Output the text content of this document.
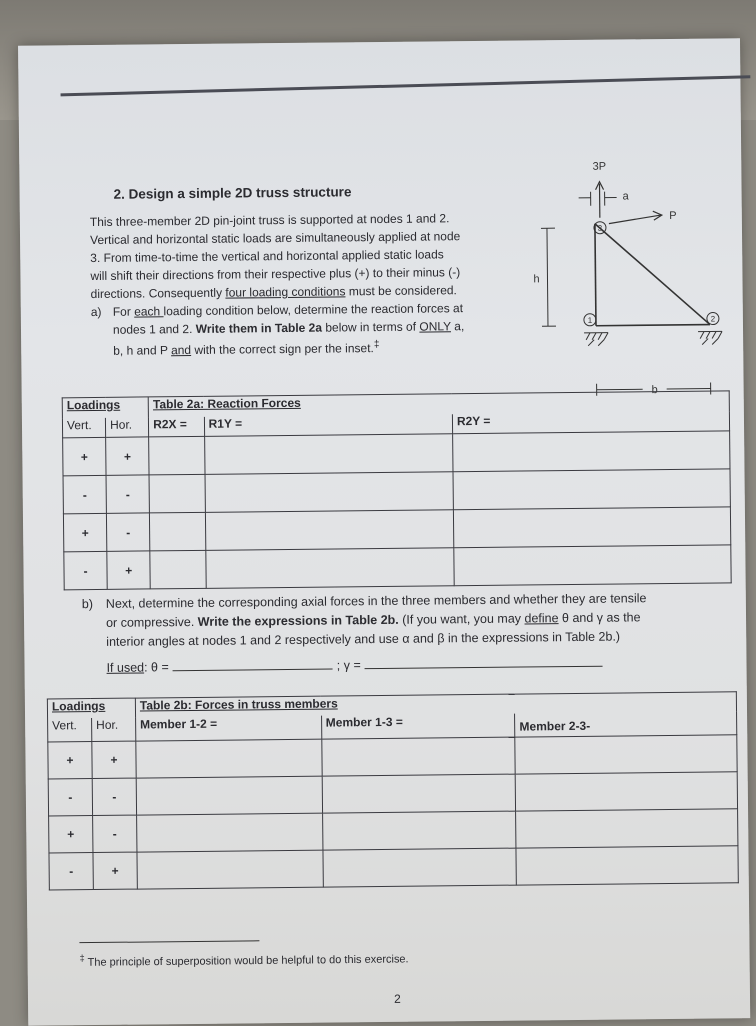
2. Design a simple 2D truss structure

This three-member 2D pin-joint truss is supported at nodes 1 and 2.

Vertical and horizontal static loads are simultaneously applied at node

3. From time-to-time the vertical and horizontal applied static loads

will shift their directions from their respective plus (+) to their minus (-)

directions. Consequently four loading conditions must be considered.

a) For each loading condition below, determine the reaction forces at
nodes 1 and 2. Write them in Table 2a below in terms of ONLY a,
b, h and P and with the correct sign per the inset.‡
3
1	2
3P
P
a
h
b
Loadings		Table 2a: Reaction Forces		
Vert.	Hor.	R2X =	R1Y =	R2Y =
+	+			
-	-			
+	-			
-	+			
b) Next, determine the corresponding axial forces in the three members and whether they are tensile
or compressive. Write the expressions in Table 2b. (If you want, you may define θ and γ as the
interior angles at nodes 1 and 2 respectively and use α and β in the expressions in Table 2b.)
If used: θ =	; γ =
Loadings		Table 2b: Forces in truss members		
Vert.	Hor.	Member 1-2 =	Member 1-3 =	Member 2-3-
+	+			
-	-			
+	-			
-	+			
‡ The principle of superposition would be helpful to do this exercise.
2
